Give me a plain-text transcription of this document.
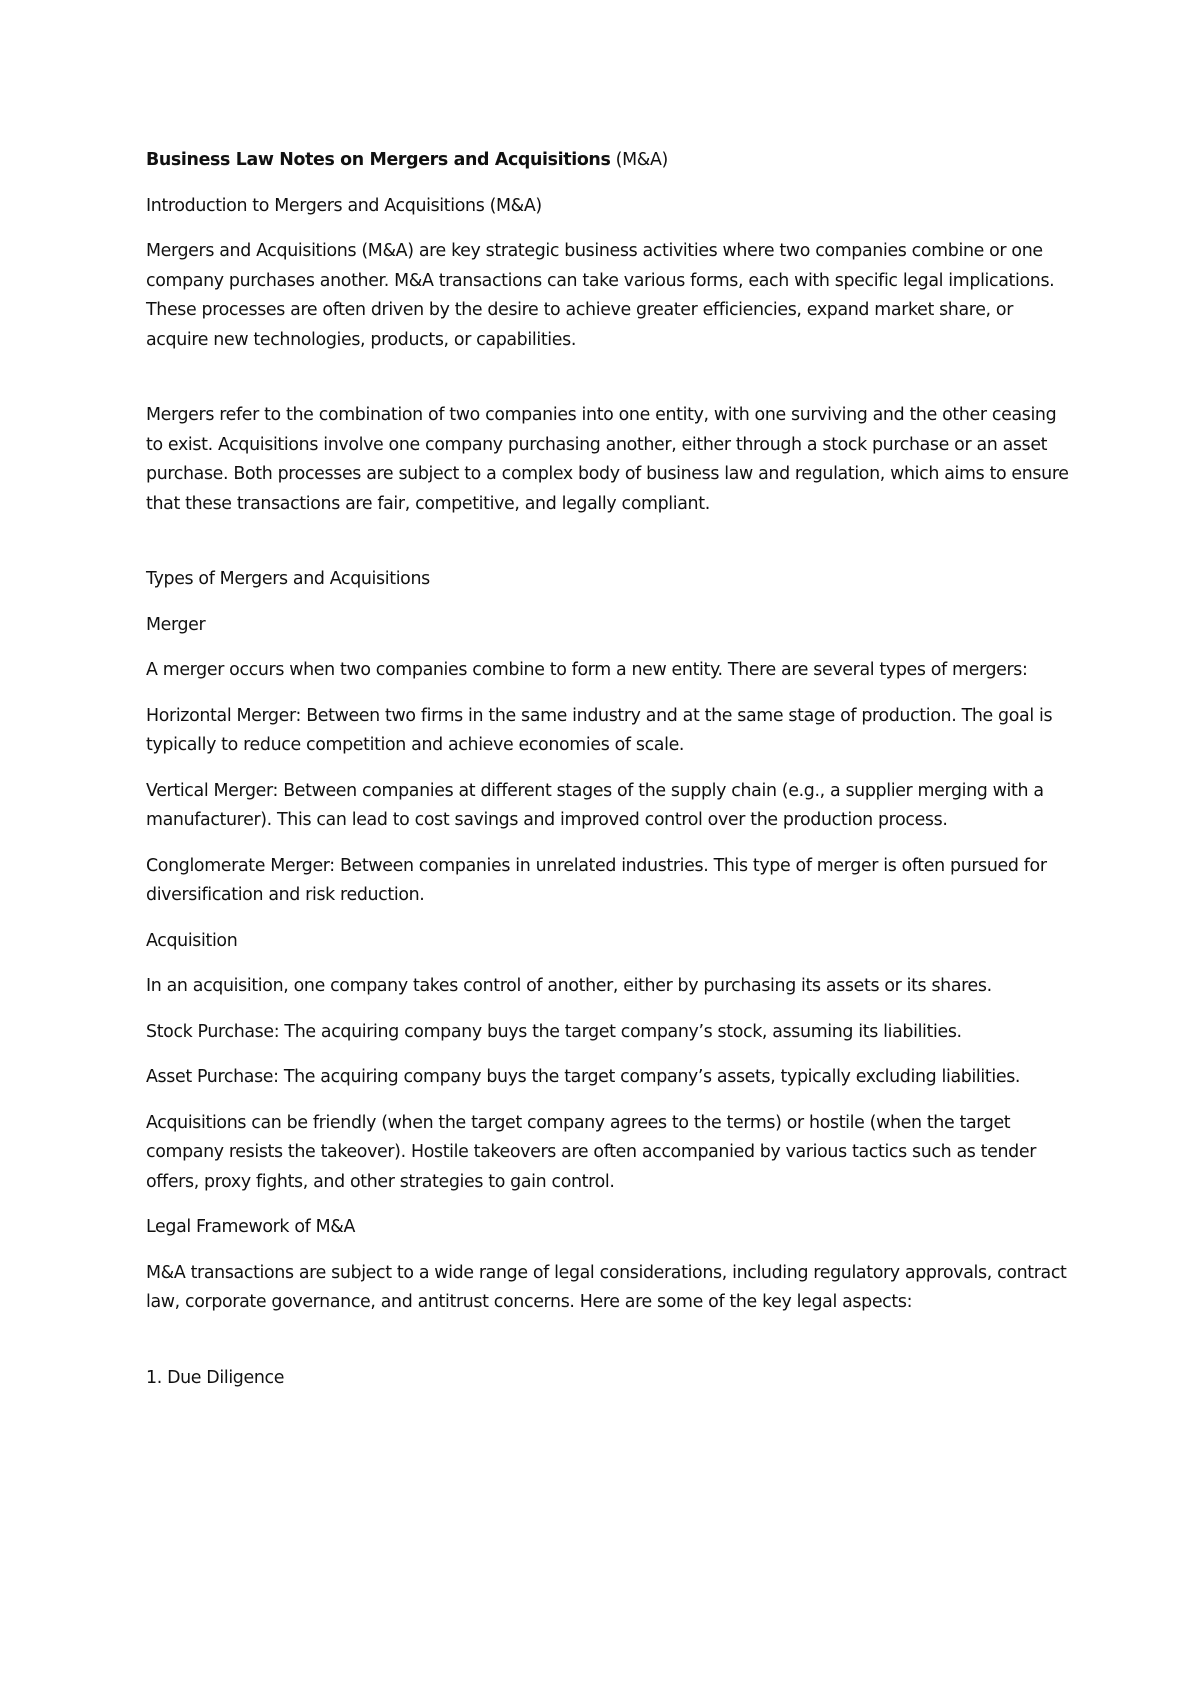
Business Law Notes on Mergers and Acquisitions (M&A)

Introduction to Mergers and Acquisitions (M&A)

Mergers and Acquisitions (M&A) are key strategic business activities where two companies combine or one company purchases another. M&A transactions can take various forms, each with specific legal implications. These processes are often driven by the desire to achieve greater efficiencies, expand market share, or acquire new technologies, products, or capabilities.

Mergers refer to the combination of two companies into one entity, with one surviving and the other ceasing to exist. Acquisitions involve one company purchasing another, either through a stock purchase or an asset purchase. Both processes are subject to a complex body of business law and regulation, which aims to ensure that these transactions are fair, competitive, and legally compliant.

Types of Mergers and Acquisitions

Merger

A merger occurs when two companies combine to form a new entity. There are several types of mergers:

Horizontal Merger: Between two firms in the same industry and at the same stage of production. The goal is typically to reduce competition and achieve economies of scale.

Vertical Merger: Between companies at different stages of the supply chain (e.g., a supplier merging with a manufacturer). This can lead to cost savings and improved control over the production process.

Conglomerate Merger: Between companies in unrelated industries. This type of merger is often pursued for diversification and risk reduction.

Acquisition

In an acquisition, one company takes control of another, either by purchasing its assets or its shares.

Stock Purchase: The acquiring company buys the target company’s stock, assuming its liabilities.

Asset Purchase: The acquiring company buys the target company’s assets, typically excluding liabilities.

Acquisitions can be friendly (when the target company agrees to the terms) or hostile (when the target company resists the takeover). Hostile takeovers are often accompanied by various tactics such as tender offers, proxy fights, and other strategies to gain control.

Legal Framework of M&A

M&A transactions are subject to a wide range of legal considerations, including regulatory approvals, contract law, corporate governance, and antitrust concerns. Here are some of the key legal aspects:

1. Due Diligence
